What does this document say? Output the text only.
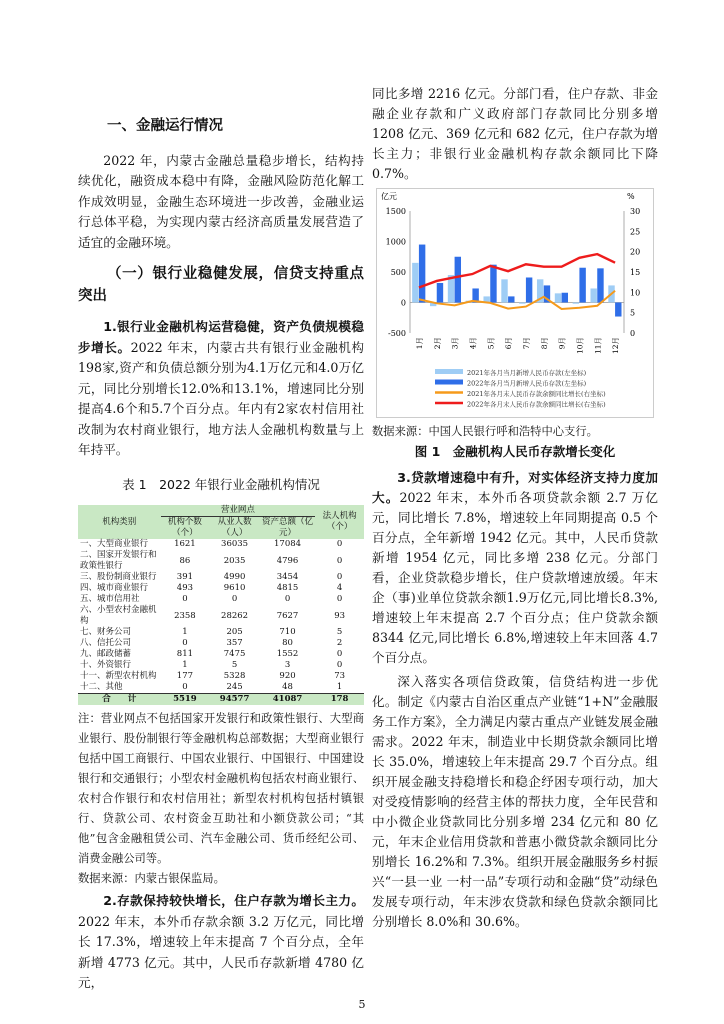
一、金融运行情况

2022 年，内蒙古金融总量稳步增长，结构持续优化，融资成本稳中有降，金融风险防范化解工作成效明显，金融生态环境进一步改善，金融业运行总体平稳，为实现内蒙古经济高质量发展营造了适宜的金融环境。

（一）银行业稳健发展，信贷支持重点突出

1.银行业金融机构运营稳健，资产负债规模稳步增长。2022 年末，内蒙古共有银行业金融机构198家,资产和负债总额分别为4.1万亿元和4.0万亿元，同比分别增长12.0%和13.1%，增速同比分别提高4.6个和5.7个百分点。年内有2家农村信用社改制为农村商业银行，地方法人金融机构数量与上年持平。

表 1　2022 年银行业金融机构情况

机构类别	营业网点			法人机构（个）
	机构个数（个）	从业人数（人）	资产总额（亿元）	
一、大型商业银行	1621	36035	17084	0
二、国家开发银行和政策性银行	86	2035	4796	0
三、股份制商业银行	391	4990	3454	0
四、城市商业银行	493	9610	4815	4
五、城市信用社	0	0	0	0
六、小型农村金融机构	2358	28262	7627	93
七、财务公司	1	205	710	5
八、信托公司	0	357	80	2
九、邮政储蓄	811	7475	1552	0
十、外资银行	1	5	3	0
十一、新型农村机构	177	5328	920	73
十二、其他	0	245	48	1
合　　计	5519	94577	41087	178

注：营业网点不包括国家开发银行和政策性银行、大型商业银行、股份制银行等金融机构总部数据；大型商业银行包括中国工商银行、中国农业银行、中国银行、中国建设银行和交通银行；小型农村金融机构包括农村商业银行、农村合作银行和农村信用社；新型农村机构包括村镇银行、贷款公司、农村资金互助社和小额贷款公司；“其他”包含金融租赁公司、汽车金融公司、货币经纪公司、消费金融公司等。

数据来源：内蒙古银保监局。

2.存款保持较快增长，住户存款为增长主力。2022 年末，本外币存款余额 3.2 万亿元，同比增长 17.3%，增速较上年末提高 7 个百分点，全年新增 4773 亿元。其中，人民币存款新增 4780 亿元，

同比多增 2216 亿元。分部门看，住户存款、非金融企业存款和广义政府部门存款同比分别多增 1208 亿元、369 亿元和 682 亿元，住户存款为增长主力；非银行业金融机构存款余额同比下降 0.7%。

亿元	%
-500
0
500
1000
1500
0
5
10
15
20
25
30
1月 2月 3月 4月 5月 6月 7月 8月 9月 10月 11月 12月
2021年各月当月新增人民币存款(左坐标)
2022年各月当月新增人民币存款(左坐标)
2021年各月末人民币存款余额同比增长(右坐标)
2022年各月末人民币存款余额同比增长(右坐标)

数据来源：中国人民银行呼和浩特中心支行。

图 1　金融机构人民币存款增长变化

3.贷款增速稳中有升，对实体经济支持力度加大。2022 年末，本外币各项贷款余额 2.7 万亿元，同比增长 7.8%，增速较上年同期提高 0.5 个百分点，全年新增 1942 亿元。其中，人民币贷款新增 1954 亿元，同比多增 238 亿元。分部门看，企业贷款稳步增长，住户贷款增速放缓。年末企（事)业单位贷款余额1.9万亿元,同比增长8.3%,增速较上年末提高 2.7 个百分点；住户贷款余额 8344 亿元,同比增长 6.8%,增速较上年末回落 4.7 个百分点。

深入落实各项信贷政策，信贷结构进一步优化。制定《内蒙古自治区重点产业链“1+N”金融服务工作方案》，全力满足内蒙古重点产业链发展金融需求。2022 年末，制造业中长期贷款余额同比增长 35.0%，增速较上年末提高 29.7 个百分点。组织开展金融支持稳增长和稳企纾困专项行动，加大对受疫情影响的经营主体的帮扶力度，全年民营和中小微企业贷款同比分别多增 234 亿元和 80 亿元，年末企业信用贷款和普惠小微贷款余额同比分别增长 16.2%和 7.3%。组织开展金融服务乡村振兴“一县一业 一村一品”专项行动和金融“贷”动绿色发展专项行动，年末涉农贷款和绿色贷款余额同比分别增长 8.0%和 30.6%。

5
